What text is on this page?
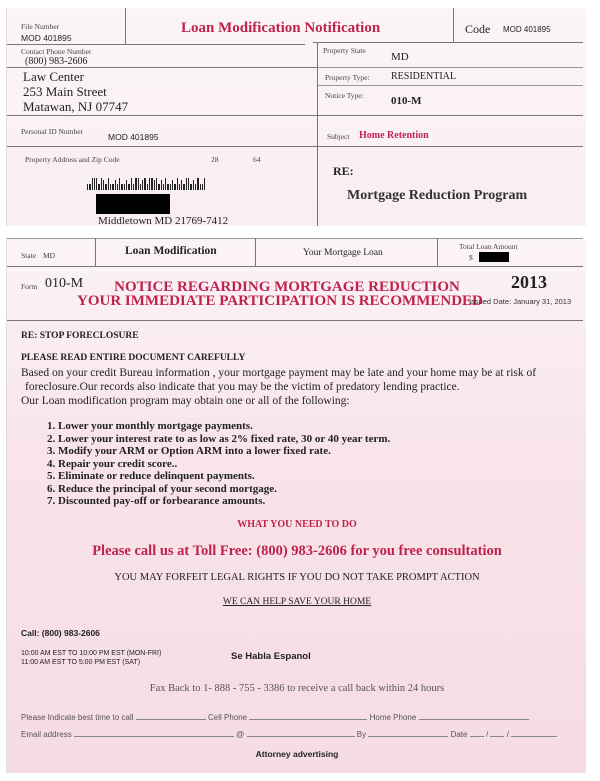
File Number
MOD 401895
Loan Modification Notification	Code MOD 401895
Contact Phone Number
(800) 983-2606
Law Center
253 Main Street
Matawan, NJ 07747
Property State
MD
Property Type: RESIDENTIAL
Notice Type: 010-M
Personal ID Number
MOD 401895	Subject Home Retention
Property Address and Zip Code	28	64
Middletown MD 21769-7412
RE:
Mortgage Reduction Program
State MD	Loan Modification	Your Mortgage Loan
Total Loan Amount
$
Form 010-M	NOTICE REGARDING MORTGAGE REDUCTION
YOUR IMMEDIATE PARTICIPATION IS RECOMMENDED
2013
Issued Date: January 31, 2013
RE: STOP FORECLOSURE
PLEASE READ ENTIRE DOCUMENT CAREFULLY
Based on your credit Bureau information , your mortgage payment may be late and your home may be at risk of
foreclosure.Our records also indicate that you may be the victim of predatory lending practice.
Our Loan modification program may obtain one or all of the following:
1. Lower your monthly mortgage payments.
2. Lower your interest rate to as low as 2% fixed rate, 30 or 40 year term.
3. Modify your ARM or Option ARM into a lower fixed rate.
4. Repair your credit score..
5. Eliminate or reduce delinquent payments.
6. Reduce the principal of your second mortgage.
7. Discounted pay-off or forbearance amounts.
WHAT YOU NEED TO DO
Please call us at Toll Free: (800) 983-2606 for you free consultation
YOU MAY FORFEIT LEGAL RIGHTS IF YOU DO NOT TAKE PROMPT ACTION
WE CAN HELP SAVE YOUR HOME
Call: (800) 983-2606
10:00 AM EST TO 10:00 PM EST (MON-FRI)
11:00 AM EST TO 5:00 PM EST (SAT)
Se Habla Espanol
Fax Back to 1- 888 - 755 - 3386 to receive a call back within 24 hours
Please Indicate best time to call	Cell Phone	Home Phone
Email address	@	By	Date / /
Attorney advertising
